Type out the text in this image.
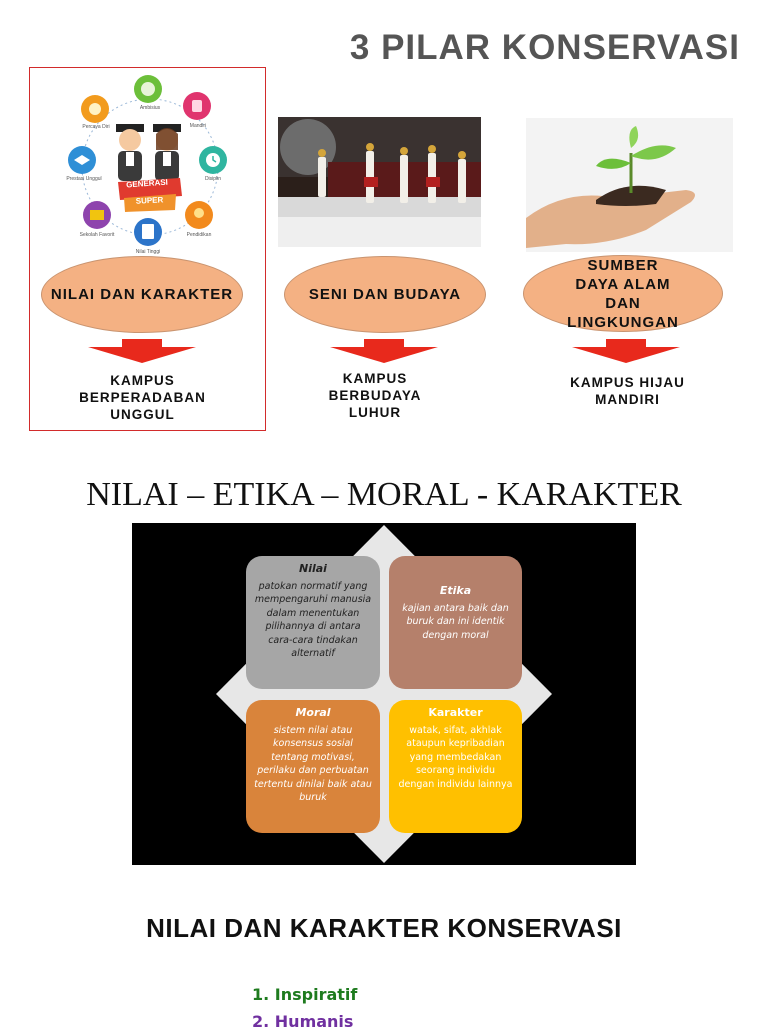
3 PILAR KONSERVASI
GENERASI
SUPER
Ambisius
Percaya Diri	Mandiri
Prestasi Unggul	Disiplin
Sekolah Favorit	Pendidikan
Nilai Tinggi
NILAI DAN KARAKTER	SENI DAN BUDAYA
SUMBER DAYA ALAM DAN LINGKUNGAN
KAMPUS BERPERADABAN UNGGUL
KAMPUS BERBUDAYA LUHUR
KAMPUS HIJAU MANDIRI
NILAI – ETIKA – MORAL - KARAKTER
Nilai
patokan normatif yang mempengaruhi manusia dalam menentukan pilihannya di antara cara-cara tindakan alternatif
Etika
kajian antara baik dan buruk dan ini identik dengan moral
Moral
sistem nilai atau konsensus sosial tentang motivasi, perilaku dan perbuatan tertentu dinilai baik atau buruk
Karakter
watak, sifat, akhlak ataupun kepribadian yang membedakan seorang individu dengan individu lainnya
NILAI DAN KARAKTER KONSERVASI
1. Inspiratif
2. Humanis
